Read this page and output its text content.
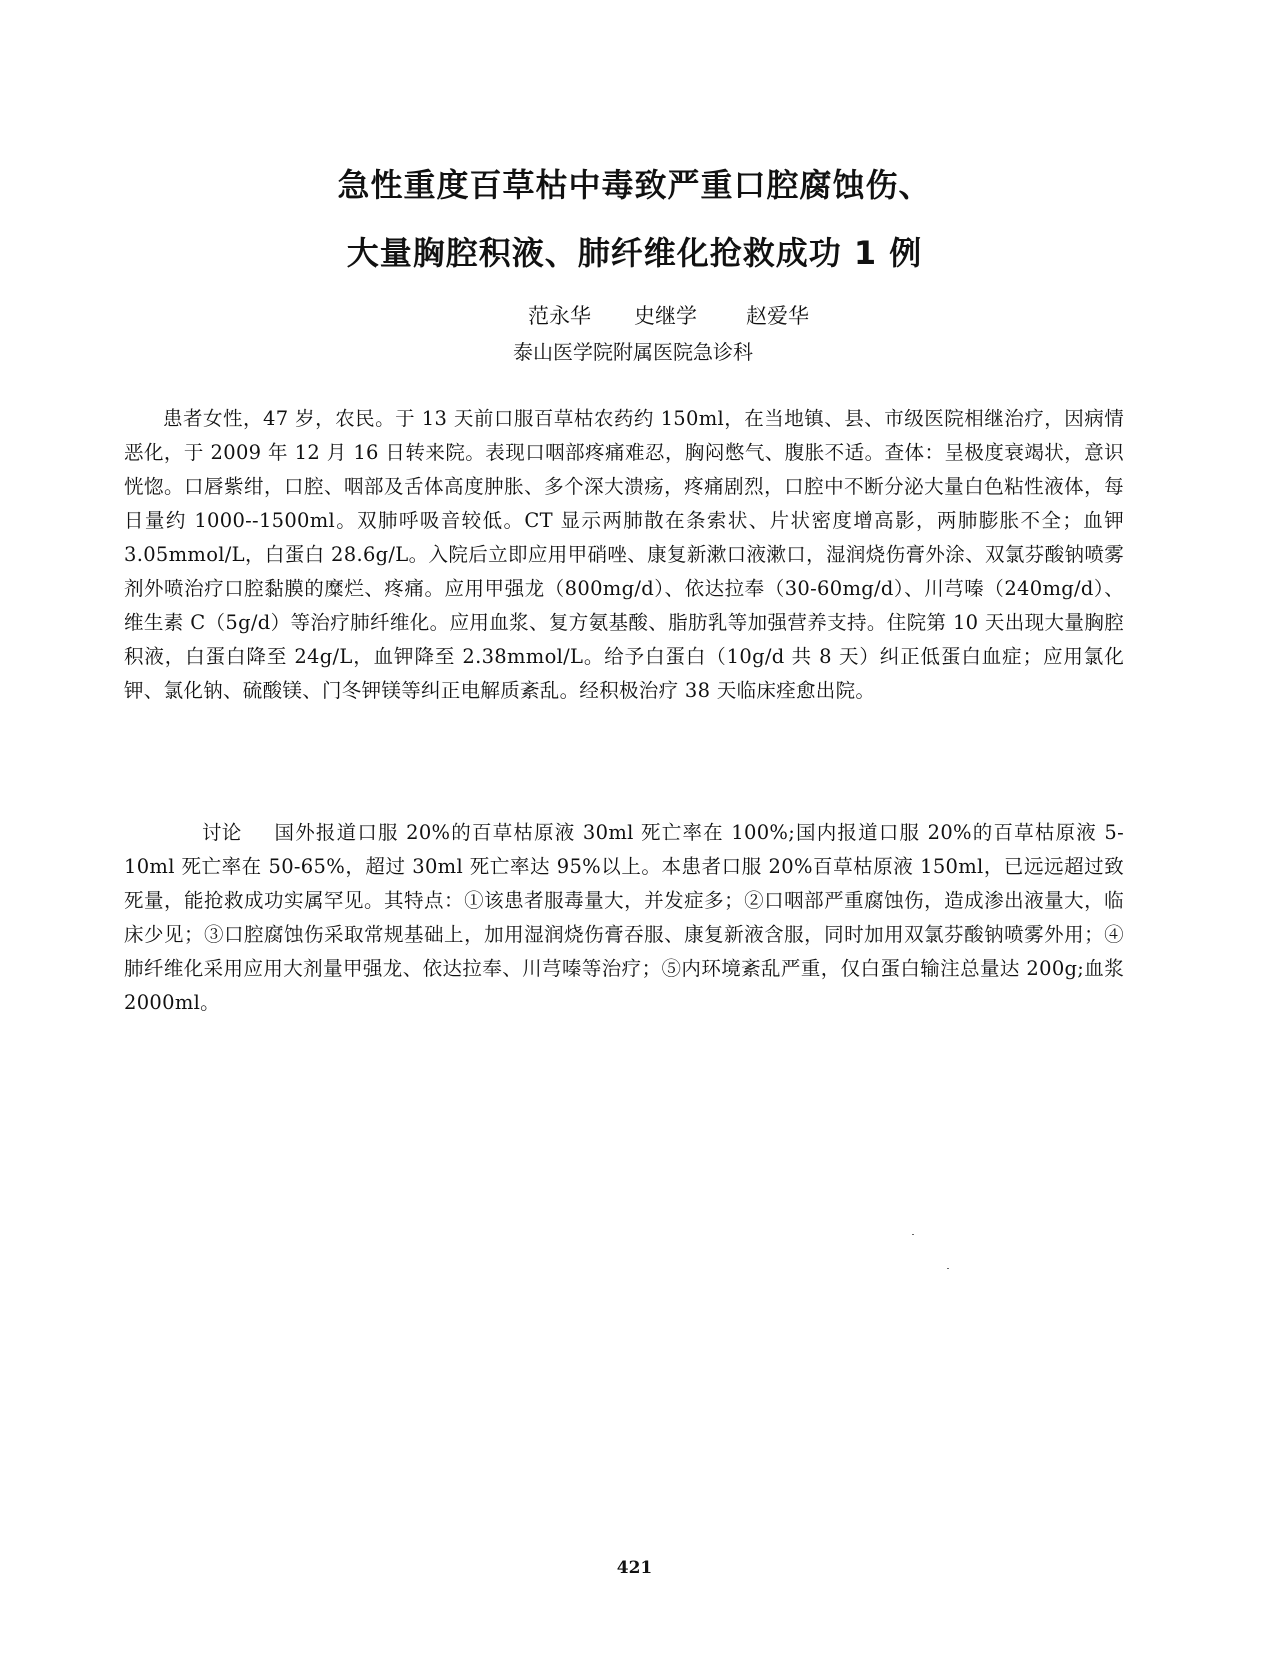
急性重度百草枯中毒致严重口腔腐蚀伤、
大量胸腔积液、肺纤维化抢救成功 1 例
范永华 史继学 赵爱华
泰山医学院附属医院急诊科

患者女性，47 岁，农民。于 13 天前口服百草枯农药约 150ml，在当地镇、县、市级医院相继治疗，因病情恶化，于 2009 年 12 月 16 日转来院。表现口咽部疼痛难忍，胸闷憋气、腹胀不适。查体：呈极度衰竭状，意识恍惚。口唇紫绀，口腔、咽部及舌体高度肿胀、多个深大溃疡，疼痛剧烈，口腔中不断分泌大量白色粘性液体，每日量约 1000--1500ml。双肺呼吸音较低。CT 显示两肺散在条索状、片状密度增高影，两肺膨胀不全；血钾 3.05mmol/L，白蛋白 28.6g/L。入院后立即应用甲硝唑、康复新漱口液漱口，湿润烧伤膏外涂、双氯芬酸钠喷雾剂外喷治疗口腔黏膜的糜烂、疼痛。应用甲强龙（800mg/d）、依达拉奉（30-60mg/d）、川芎嗪（240mg/d）、维生素 C（5g/d）等治疗肺纤维化。应用血浆、复方氨基酸、脂肪乳等加强营养支持。住院第 10 天出现大量胸腔积液，白蛋白降至 24g/L，血钾降至 2.38mmol/L。给予白蛋白（10g/d 共 8 天）纠正低蛋白血症；应用氯化钾、氯化钠、硫酸镁、门冬钾镁等纠正电解质紊乱。经积极治疗 38 天临床痊愈出院。

讨论 国外报道口服 20%的百草枯原液 30ml 死亡率在 100%;国内报道口服 20%的百草枯原液 5-10ml 死亡率在 50-65%，超过 30ml 死亡率达 95%以上。本患者口服 20%百草枯原液 150ml，已远远超过致死量，能抢救成功实属罕见。其特点：①该患者服毒量大，并发症多；②口咽部严重腐蚀伤，造成渗出液量大，临床少见；③口腔腐蚀伤采取常规基础上，加用湿润烧伤膏吞服、康复新液含服，同时加用双氯芬酸钠喷雾外用；④肺纤维化采用应用大剂量甲强龙、依达拉奉、川芎嗪等治疗；⑤内环境紊乱严重，仅白蛋白输注总量达 200g;血浆 2000ml。

421
